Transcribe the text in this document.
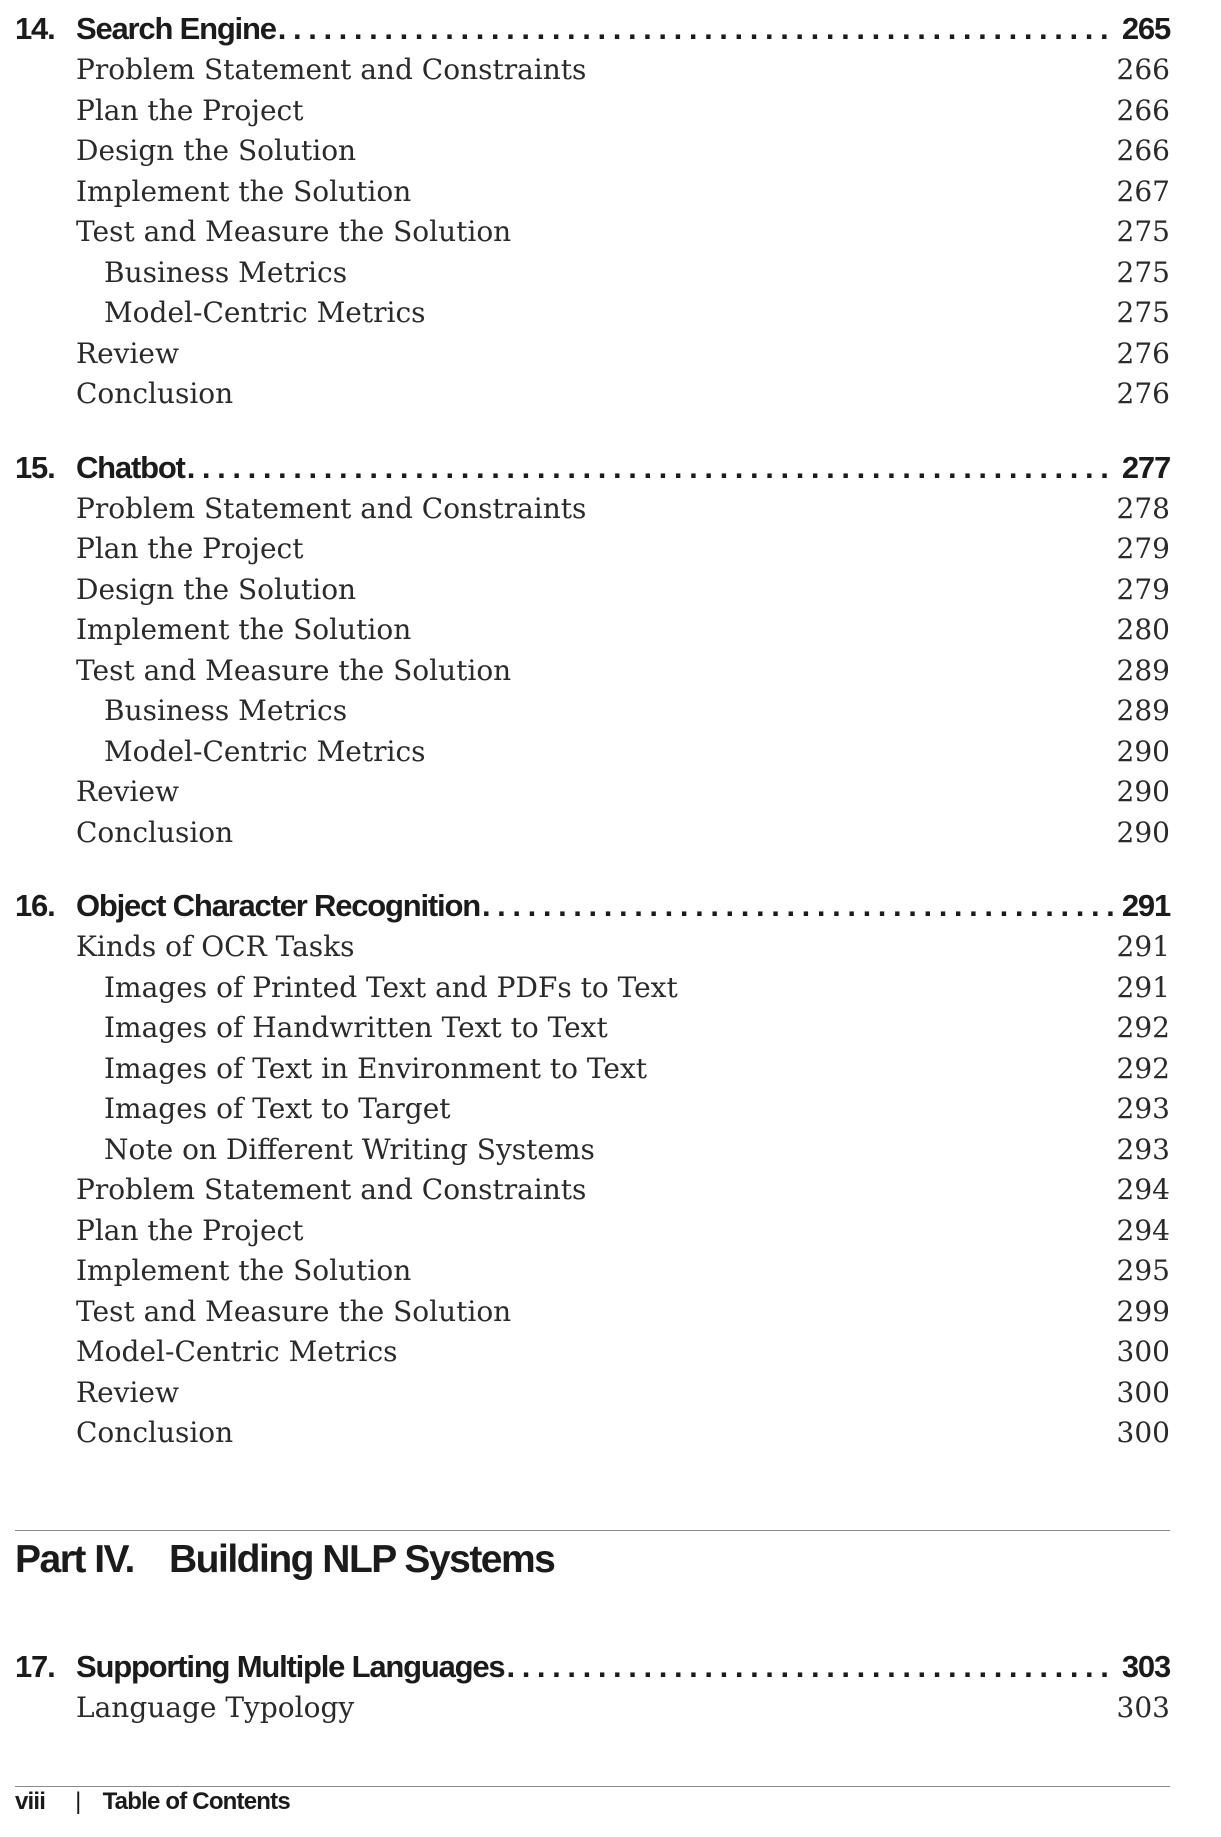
14. Search Engine . . .	265
Problem Statement and Constraints	266
Plan the Project	266
Design the Solution	266
Implement the Solution	267
Test and Measure the Solution	275
Business Metrics	275
Model-Centric Metrics	275
Review	276
Conclusion	276
15. Chatbot . . .	277
Problem Statement and Constraints	278
Plan the Project	279
Design the Solution	279
Implement the Solution	280
Test and Measure the Solution	289
Business Metrics	289
Model-Centric Metrics	290
Review	290
Conclusion	290
16. Object Character Recognition . . .	291
Kinds of OCR Tasks	291
Images of Printed Text and PDFs to Text	291
Images of Handwritten Text to Text	292
Images of Text in Environment to Text	292
Images of Text to Target	293
Note on Different Writing Systems	293
Problem Statement and Constraints	294
Plan the Project	294
Implement the Solution	295
Test and Measure the Solution	299
Model-Centric Metrics	300
Review	300
Conclusion	300
Part IV. Building NLP Systems
17. Supporting Multiple Languages . . .	303
Language Typology	303
viii | Table of Contents
